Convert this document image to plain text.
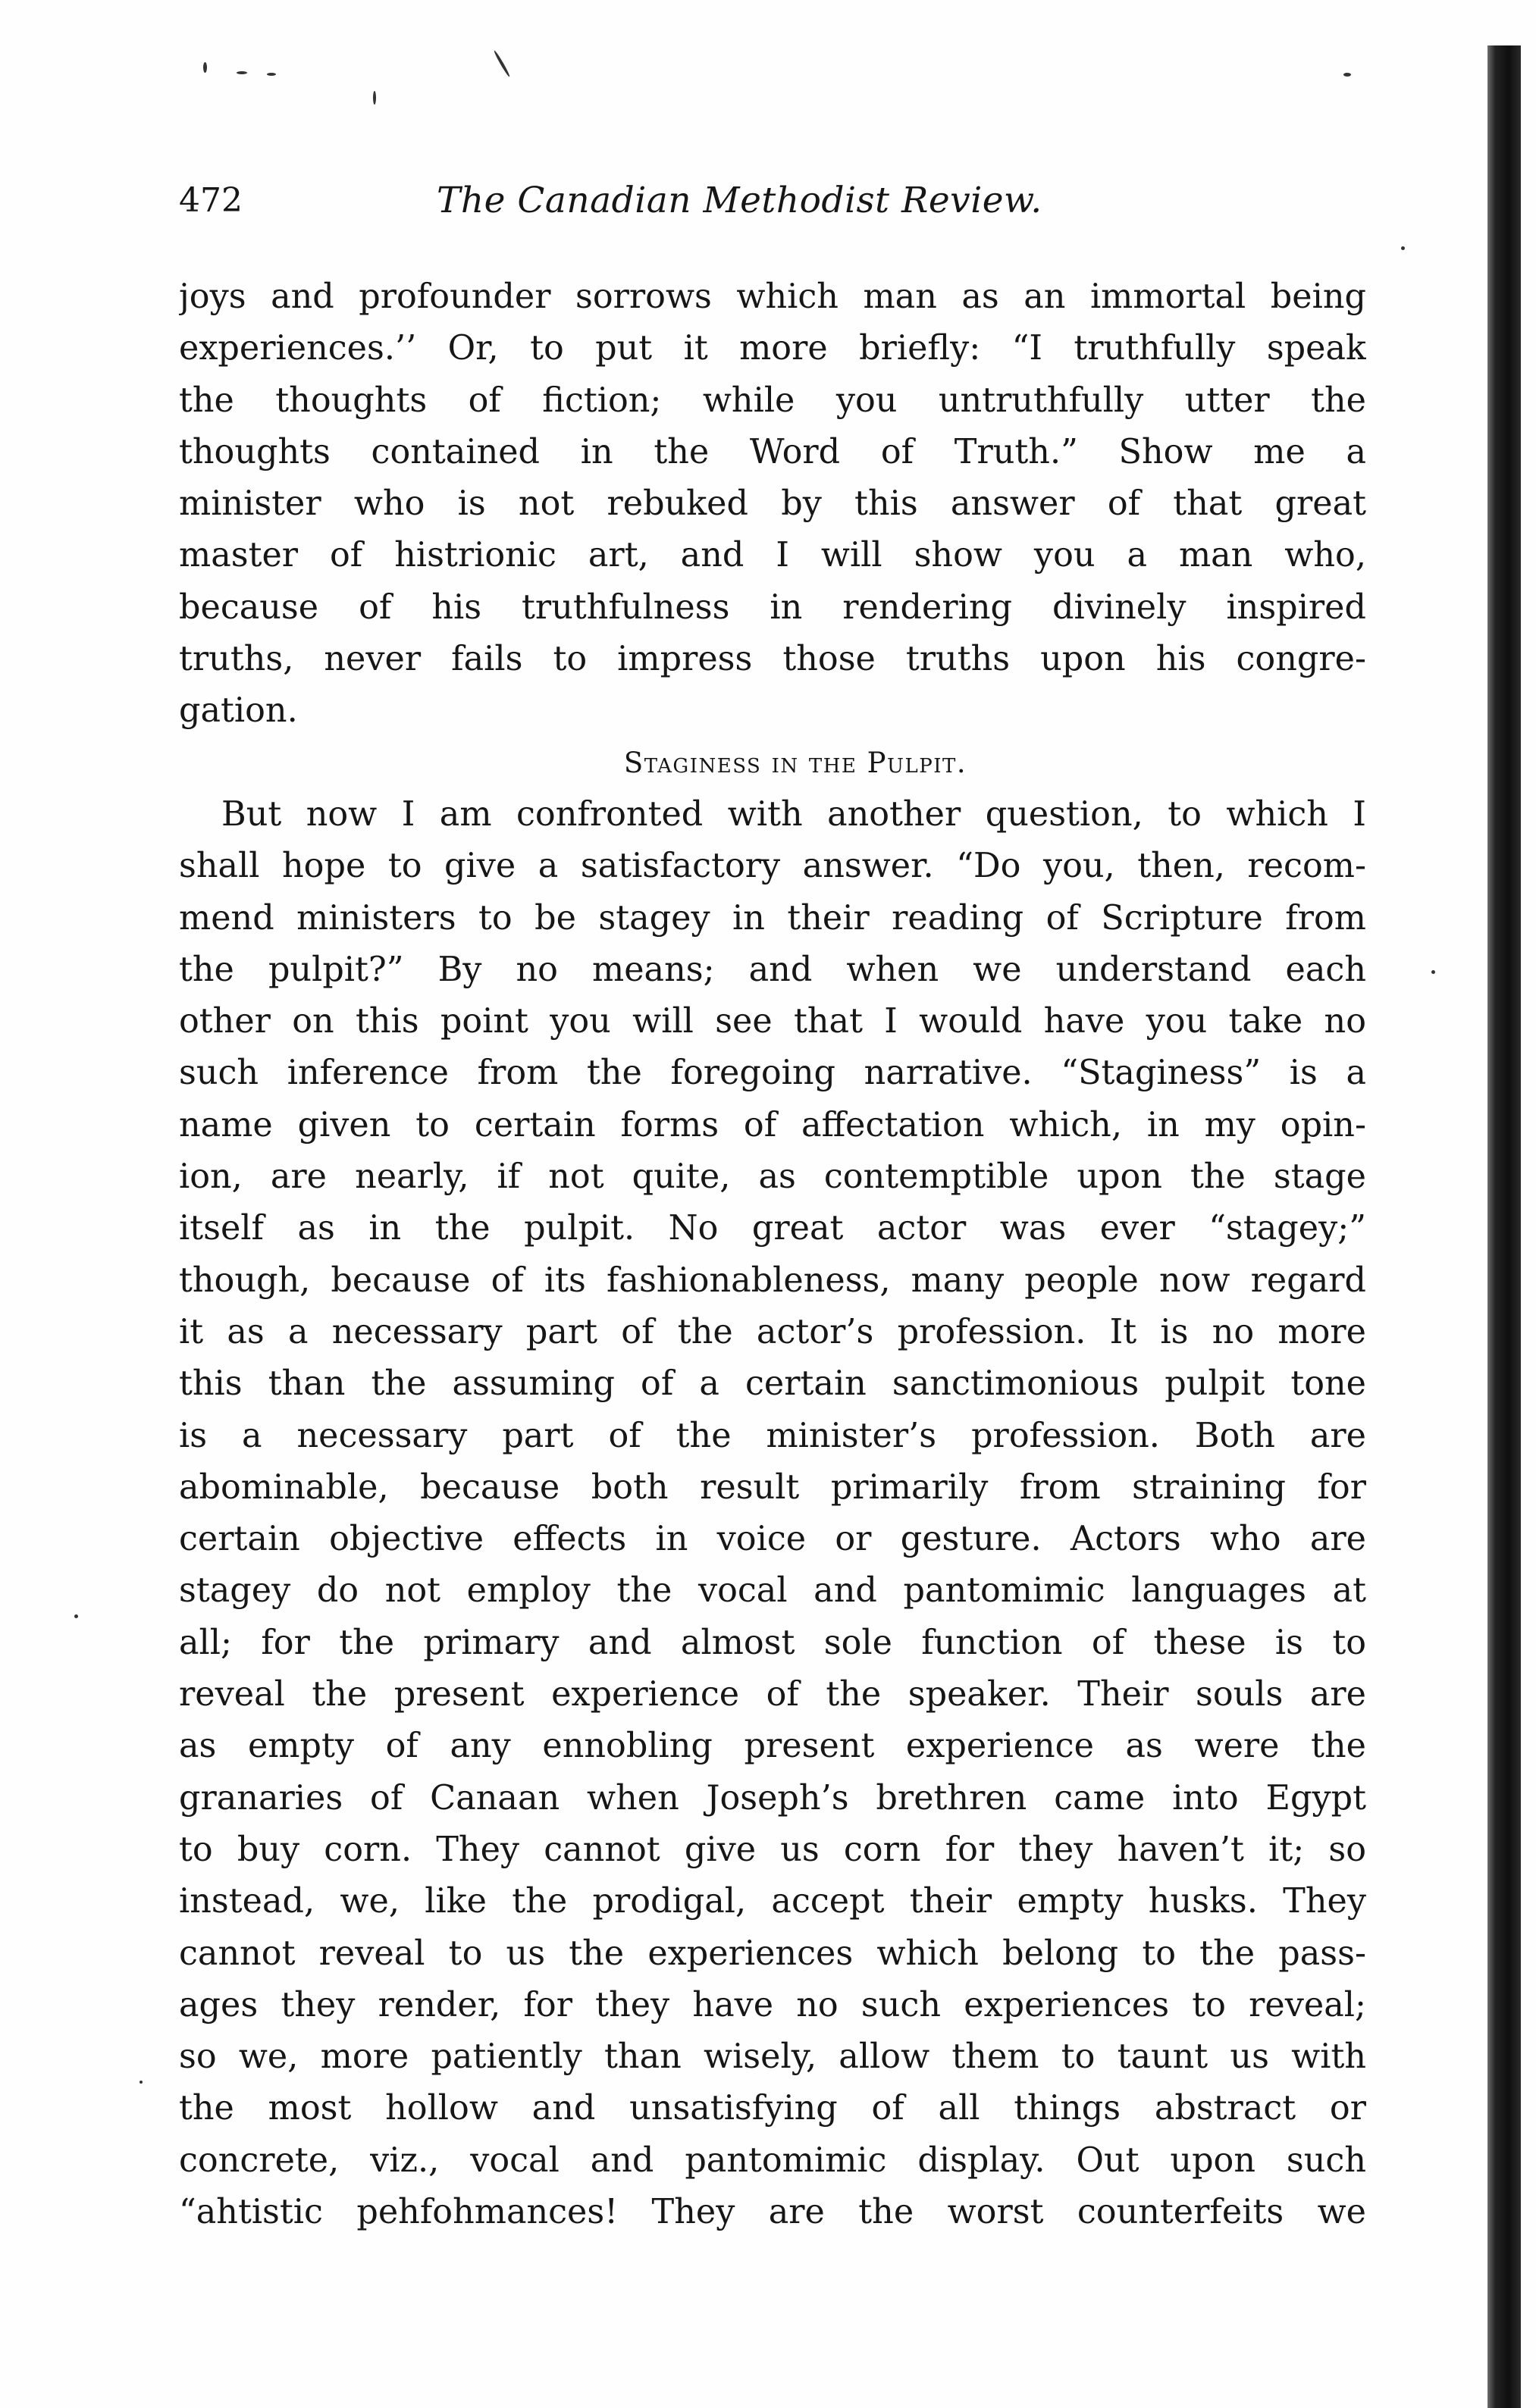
472	The Canadian Methodist Review.
joys and profounder sorrows which man as an immortal being
experiences.’’ Or, to put it more briefly: “I truthfully speak
the thoughts of fiction; while you untruthfully utter the
thoughts contained in the Word of Truth.” Show me a
minister who is not rebuked by this answer of that great
master of histrionic art, and I will show you a man who,
because of his truthfulness in rendering divinely inspired
truths, never fails to impress those truths upon his congre-
gation.
Staginess in the Pulpit.
But now I am confronted with another question, to which I
shall hope to give a satisfactory answer. “Do you, then, recom-
mend ministers to be stagey in their reading of Scripture from
the pulpit?” By no means; and when we understand each
other on this point you will see that I would have you take no
such inference from the foregoing narrative. “Staginess” is a
name given to certain forms of affectation which, in my opin-
ion, are nearly, if not quite, as contemptible upon the stage
itself as in the pulpit. No great actor was ever “stagey;”
though, because of its fashionableness, many people now regard
it as a necessary part of the actor’s profession. It is no more
this than the assuming of a certain sanctimonious pulpit tone
is a necessary part of the minister’s profession. Both are
abominable, because both result primarily from straining for
certain objective effects in voice or gesture. Actors who are
stagey do not employ the vocal and pantomimic languages at
all; for the primary and almost sole function of these is to
reveal the present experience of the speaker. Their souls are
as empty of any ennobling present experience as were the
granaries of Canaan when Joseph’s brethren came into Egypt
to buy corn. They cannot give us corn for they haven’t it; so
instead, we, like the prodigal, accept their empty husks. They
cannot reveal to us the experiences which belong to the pass-
ages they render, for they have no such experiences to reveal;
so we, more patiently than wisely, allow them to taunt us with
the most hollow and unsatisfying of all things abstract or
concrete, viz., vocal and pantomimic display. Out upon such
“ahtistic pehfohmances! They are the worst counterfeits we
